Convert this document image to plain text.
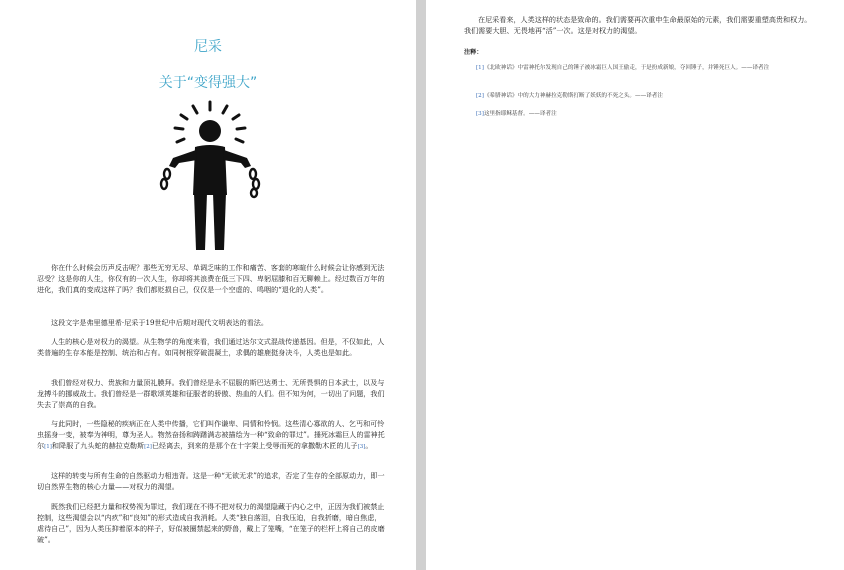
尼采
关于“变得强大”

你在什么时候会历声反击呢？那些无穷无尽、单调乏味的工作和痛苦、客套的寒暄什么时候会让你感到无法忍受？这是你的人生，你仅有的一次人生，你却将其浪费在低三下四、卑躬屈膝和百无聊赖上。经过数百万年的进化，我们真的变成这样了吗？我们都贬损自己，仅仅是一个空虚的、鸣咽的“退化的人类”。

这段文字是弗里德里希·尼采于19世纪中后期对现代文明表达的看法。

人生的核心是对权力的渴望。从生物学的角度来看，我们通过达尔文式混战传递基因。但是，不仅如此，人类普遍的生存本能是控制、统治和占有。如同树根穿破混凝土，求偶的雄鹿挺身决斗，人类也是如此。

我们曾经对权力、贵族和力量顶礼膜拜。我们曾经是永不屈服的斯巴达勇士、无所畏惧的日本武士，以及与龙搏斗的挪威战士。我们曾经是一群歌颂英雄和征服者的骄傲、热血的人们。但不知为何，一切出了问题，我们失去了崇高的自我。

与此同时，一些隐秘的疾病正在人类中传播，它们叫作谦卑、同情和怜悯。这些清心寡欲的人、乞丐和可怜虫摇身一变，被奉为神明，尊为圣人。物然奋扬和踌躇满志被描绘为一种“致命的罪过”。捶死冰霜巨人的雷神托尔[1]和降服了九头蛇的赫拉克勒斯[2]已经离去，到来的是那个在十字架上受辱而死的拿撒勒木匠的儿子[3]。

这样的转变与所有生命的自然驱动力相违背。这是一种“无欲无求”的追求，否定了生存的全部原动力，即一切自然界生物的核心力量——对权力的渴望。

既然我们已经把力量和权势视为罪过，我们现在不得不把对权力的渴望隐藏于内心之中，正因为我们被禁止控制，这些渴望会以“内疚”和“良知”的形式造成自我消耗。人类“独自落泪，自我压迫，自我折磨，暗自焦虑，虐待自己”，因为人类压抑着原本的样子，好似被圈禁起来的野兽，戴上了笼嘴，“在笼子的栏杆上将自己的皮磨破”。

在尼采看来，人类这样的状态是致命的。我们需要再次重申生命最原始的元素，我们需要重塑高贵和权力。我们需要大胆、无畏地再“活”一次。这是对权力的渴望。

注释：
[1]《北欧神话》中雷神托尔发现自己的锤子被冰霜巨人国王偷走，于是扮成新娘，夺回锤子，并锤死巨人。——译者注
[2]《希腊神话》中的大力神赫拉克勒斯打断了妖妖的不死之头。——译者注
[3]这里指耶稣基督。——译者注
